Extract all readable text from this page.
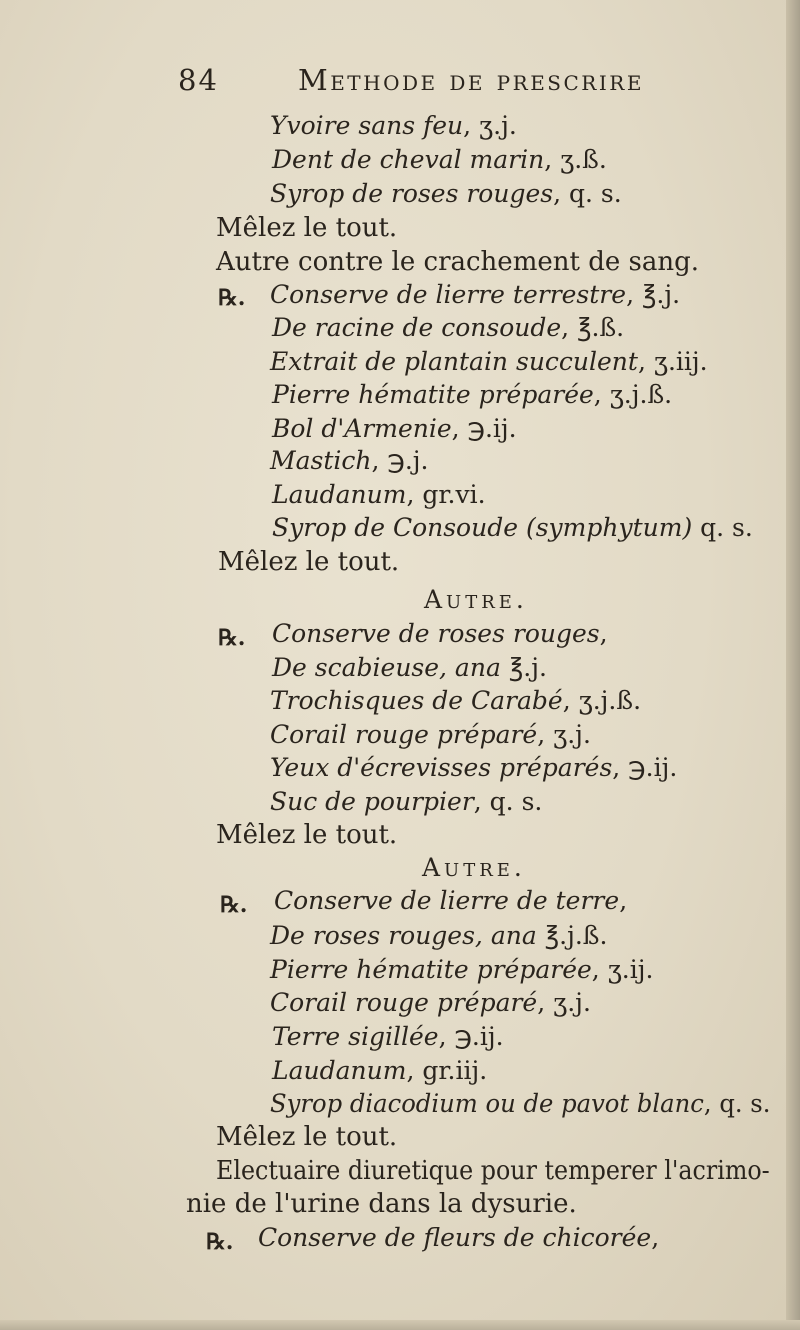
84	Methode de prescrire
Yvoire sans feu, ʒ.j.
Dent de cheval marin, ʒ.ß.
Syrop de roses rouges, q. s.
Mêlez le tout.
Autre contre le crachement de sang.
℞. Conserve de lierre terrestre, ℥.j.
De racine de consoude, ℥.ß.
Extrait de plantain succulent, ʒ.iij.
Pierre hématite préparée, ʒ.j.ß.
Bol d'Armenie, ℈.ij.
Mastich, ℈.j.
Laudanum, gr.vi.
Syrop de Consoude (symphytum) q. s.
Mêlez le tout.
Autre.
℞. Conserve de roses rouges,
De scabieuse, ana ℥.j.
Trochisques de Carabé, ʒ.j.ß.
Corail rouge préparé, ʒ.j.
Yeux d'écrevisses préparés, ℈.ij.
Suc de pourpier, q. s.
Mêlez le tout.
Autre.
℞. Conserve de lierre de terre,
De roses rouges, ana ℥.j.ß.
Pierre hématite préparée, ʒ.ij.
Corail rouge préparé, ʒ.j.
Terre sigillée, ℈.ij.
Laudanum, gr.iij.
Syrop diacodium ou de pavot blanc, q. s.
Mêlez le tout.
Electuaire diuretique pour temperer l'acrimo-
nie de l'urine dans la dysurie.
℞. Conserve de fleurs de chicorée,
